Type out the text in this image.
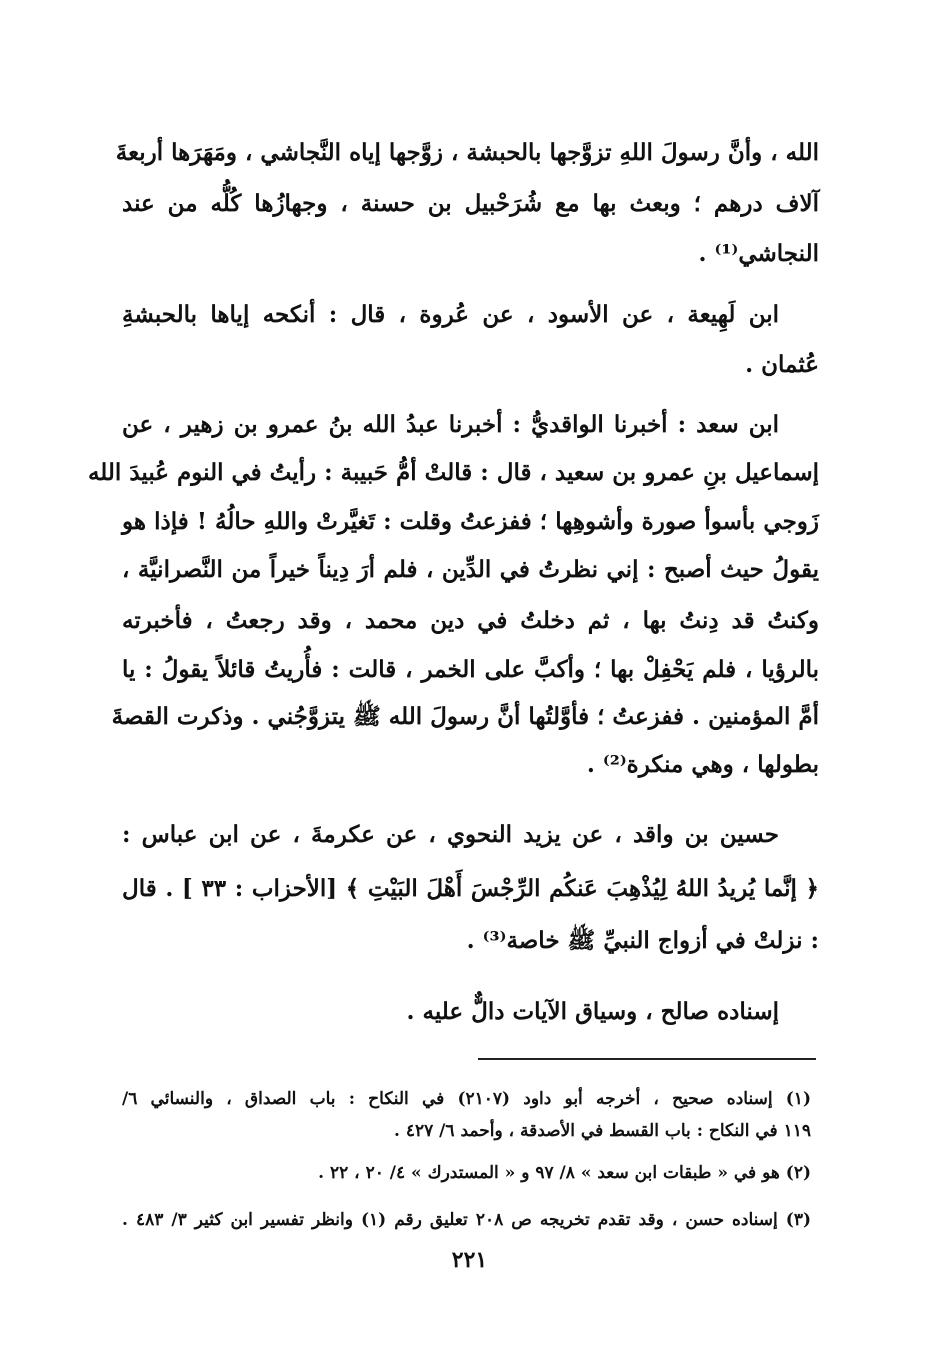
الله ، وأنَّ رسولَ اللهِ تزوَّجها بالحبشة ، زوَّجها إياه النَّجاشي ، ومَهَرَها أربعةَ
آلاف درهم ؛ وبعث بها مع شُرَحْبيل بن حسنة ، وجهازُها كُلُّه من عند
النجاشي⁽¹⁾ .
ابن لَهِيعة ، عن الأسود ، عن عُروة ، قال : أنكحه إياها بالحبشةِ
عُثمان .
ابن سعد : أخبرنا الواقديُّ : أخبرنا عبدُ الله بنُ عمرو بن زهير ، عن
إسماعيل بنِ عمرو بن سعيد ، قال : قالتْ أمُّ حَبيبة : رأيتُ في النوم عُبيدَ الله
زَوجي بأسوأ صورة وأشوهِها ؛ ففزعتُ وقلت : تَغيَّرتْ واللهِ حالُهُ ! فإذا هو
يقولُ حيث أصبح : إني نظرتُ في الدِّين ، فلم أرَ دِيناً خيراً من النَّصرانيَّة ،
وكنتُ قد دِنتُ بها ، ثم دخلتُ في دين محمد ، وقد رجعتُ ، فأخبرته
بالرؤيا ، فلم يَحْفِلْ بها ؛ وأكبَّ على الخمر ، قالت : فأُريتُ قائلاً يقولُ : يا
أمَّ المؤمنين . ففزعتُ ؛ فأوَّلتُها أنَّ رسولَ الله ﷺ يتزوَّجُني . وذكرت القصةَ
بطولها ، وهي منكرة⁽²⁾ .
حسين بن واقد ، عن يزيد النحوي ، عن عكرمةَ ، عن ابن عباس :
﴿ إنَّما يُريدُ اللهُ لِيُذْهِبَ عَنكُم الرِّجْسَ أَهْلَ البَيْتِ ﴾ [الأحزاب : ٣٣ ] . قال
: نزلتْ في أزواج النبيِّ ﷺ خاصة⁽³⁾ .
إسناده صالح ، وسياق الآيات دالٌّ عليه .
(١) إسناده صحيح ، أخرجه أبو داود (٢١٠٧) في النكاح : باب الصداق ، والنسائي ٦/
١١٩ في النكاح : باب القسط في الأصدقة ، وأحمد ٦/ ٤٢٧ .
(٢) هو في « طبقات ابن سعد » ٨/ ٩٧ و « المستدرك » ٤/ ٢٠ ، ٢٢ .
(٣) إسناده حسن ، وقد تقدم تخريجه ص ٢٠٨ تعليق رقم (١) وانظر تفسير ابن كثير ٣/ ٤٨٣ .
٢٢١
